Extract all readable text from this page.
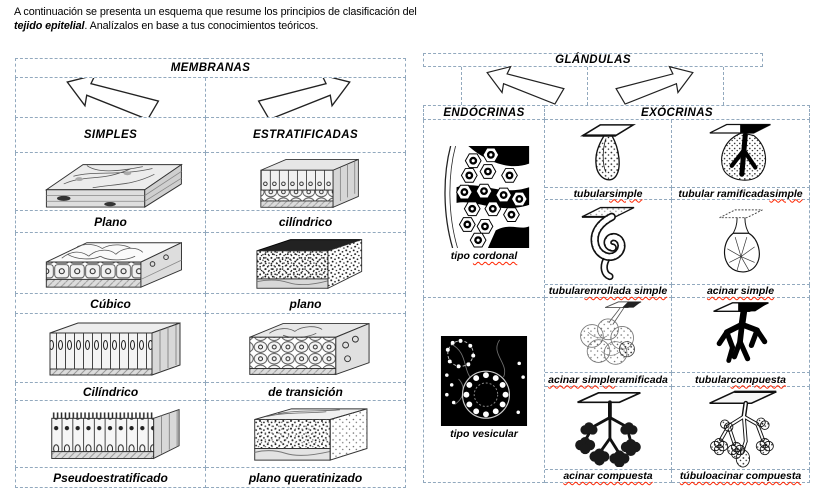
A continuación se presenta un esquema que resume los principios de clasificación del
tejido epitelial. Analízalos en base a tus conocimientos teóricos.
MEMBRANAS	

SIMPLES	ESTRATIFICADAS

Plano	cilíndrico

Cúbico	plano

Cilíndrico	de transición

Pseudoestratificado	plano queratinizado
GLÁNDULAS
ENDÓCRINAS	EXÓCRINAS
tipo cordonal
tipo vesicular
tubular simple	tubular ramificada simple
tubular enrollada simple	acinar simple
acinar simple ramificada	tubular compuesta
acinar compuesta	túbuloacinar compuesta
